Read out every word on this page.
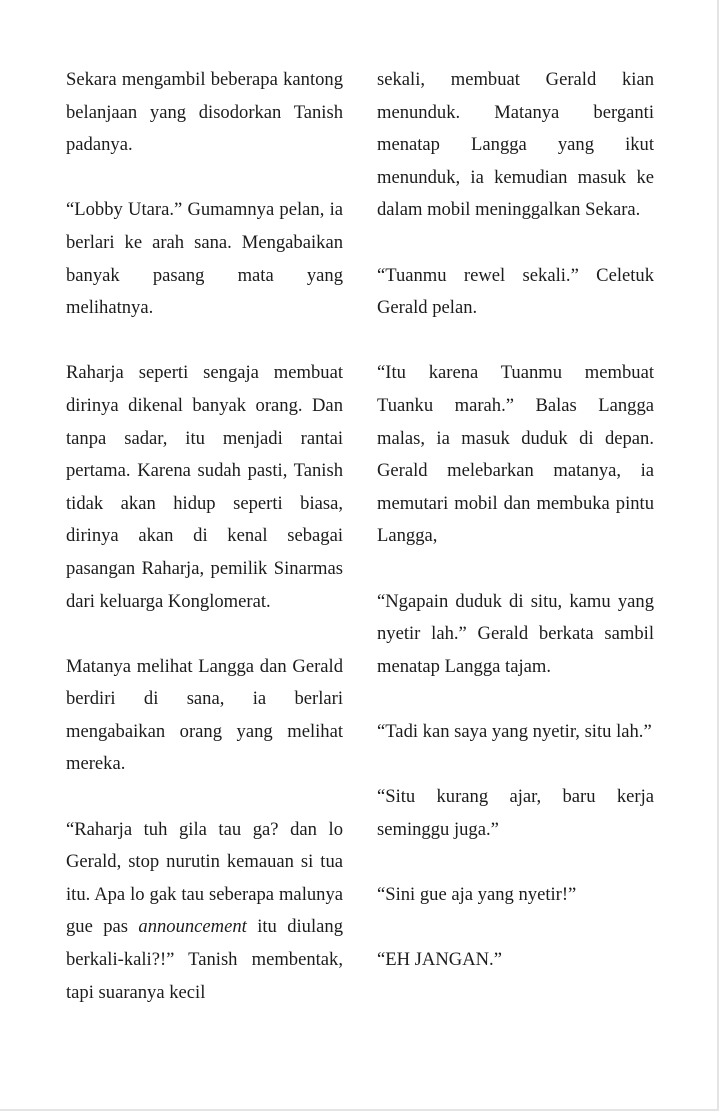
Sekara mengambil beberapa kantong belanjaan yang disodorkan Tanish padanya.

“Lobby Utara.” Gumamnya pelan, ia berlari ke arah sana. Mengabaikan banyak pasang mata yang melihatnya.

Raharja seperti sengaja membuat dirinya dikenal banyak orang. Dan tanpa sadar, itu menjadi rantai pertama. Karena sudah pasti, Tanish tidak akan hidup seperti biasa, dirinya akan di kenal sebagai pasangan Raharja, pemilik Sinarmas dari keluarga Konglomerat.

Matanya melihat Langga dan Gerald berdiri di sana, ia berlari mengabaikan orang yang melihat mereka.

“Raharja tuh gila tau ga? dan lo Gerald, stop nurutin kemauan si tua itu. Apa lo gak tau seberapa malunya gue pas announcement itu diulang berkali-kali?!” Tanish membentak, tapi suaranya kecil

sekali, membuat Gerald kian menunduk. Matanya berganti menatap Langga yang ikut menunduk, ia kemudian masuk ke dalam mobil meninggalkan Sekara.

“Tuanmu rewel sekali.” Celetuk Gerald pelan.

“Itu karena Tuanmu membuat Tuanku marah.” Balas Langga malas, ia masuk duduk di depan. Gerald melebarkan matanya, ia memutari mobil dan membuka pintu Langga,

“Ngapain duduk di situ, kamu yang nyetir lah.” Gerald berkata sambil menatap Langga tajam.

“Tadi kan saya yang nyetir, situ lah.”

“Situ kurang ajar, baru kerja seminggu juga.”

“Sini gue aja yang nyetir!”

“EH JANGAN.”
